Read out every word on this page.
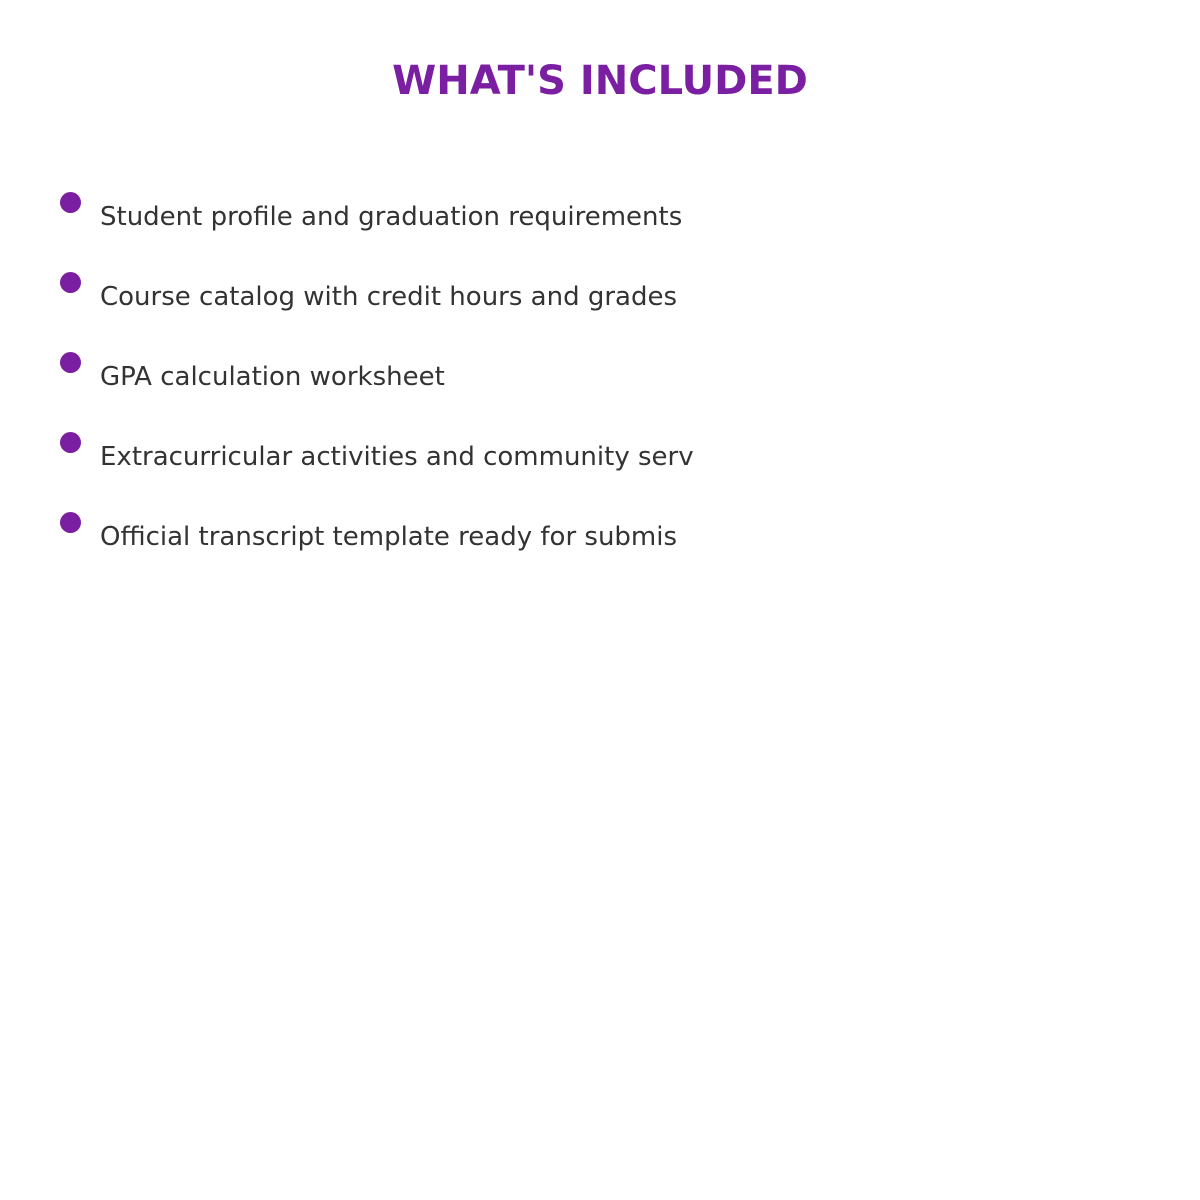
WHAT'S INCLUDED
Student profile and graduation requirements
Course catalog with credit hours and grades
GPA calculation worksheet
Extracurricular activities and community serv
Official transcript template ready for submis
